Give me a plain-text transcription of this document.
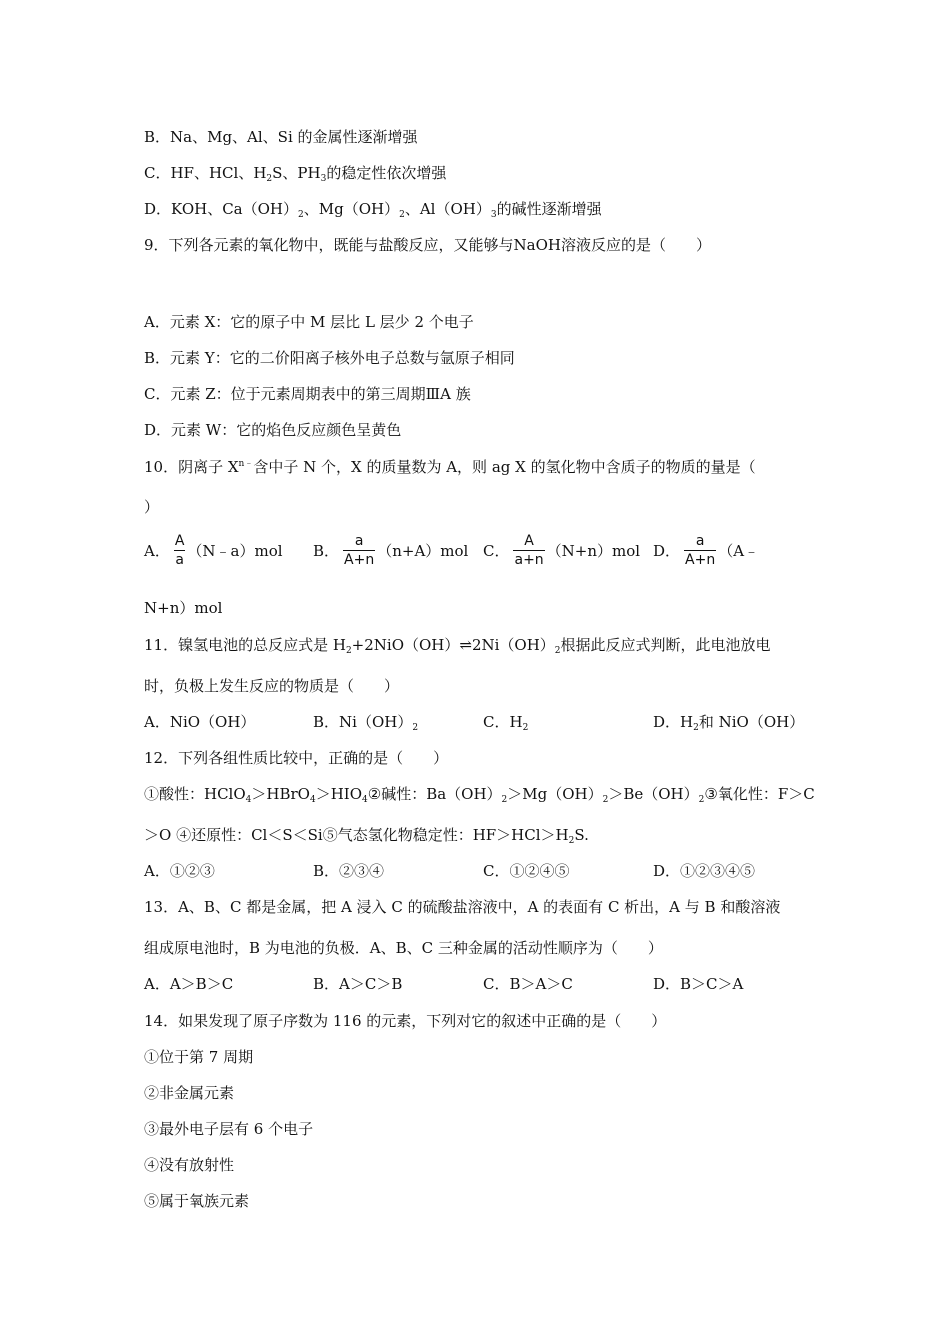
B．Na、Mg、Al、Si 的金属性逐渐增强
C．HF、HCl、$H_2S$、$PH_3$的稳定性依次增强
D．KOH、$Ca(OH)_2$、$Mg(OH)_2$、$Al(OH)_3$的碱性逐渐增强
9．下列各元素的氧化物中，既能与盐酸反应，又能够与NaOH溶液反应的是（　　）
A．元素 X：它的原子中 M 层比 L 层少 2 个电子
B．元素 Y：它的二价阳离子核外电子总数与氩原子相同
C．元素 Z：位于元素周期表中的第三周期ⅢA 族
D．元素 W：它的焰色反应颜色呈黄色
10．阴离子 $X^{n﹣}$含中子 N 个，X 的质量数为 A，则 ag X 的氢化物中含质子的物质的量是（
）
A． $\frac{A}{a}$ （N﹣a）mol B． $\frac{a}{A+n} (n+A)mol$ C． $\frac{A}{a+n} (N+n)mol$ D． $\frac{a}{A+n}$ （A﹣
N+n）mol
11．镍氢电池的总反应式是 $H_2+2NiO(OH)\rightleftharpoons 2Ni(OH)_2$根据此反应式判断，此电池放电
时，负极上发生反应的物质是（　　）
A．NiO（OH）	B．$Ni(OH)_2$	C．$H_2$	D．$H_2$和 NiO（OH）
12．下列各组性质比较中，正确的是（　　）
①酸性：$HClO_4>HBrO_4>HIO_4②$碱性：$Ba(OH)_2>Mg(OH)_2>Be(OH)_2③$氧化性：F＞C
＞O ④还原性：Cl＜S＜Si⑤气态氢化物稳定性：$HF>HCl>H_2S$.
A．①②③	B．②③④	C．①②④⑤	D．①②③④⑤
13．A、B、C 都是金属，把 A 浸入 C 的硫酸盐溶液中，A 的表面有 C 析出，A 与 B 和酸溶液
组成原电池时，B 为电池的负极．A、B、C 三种金属的活动性顺序为（　　）
A．A＞B＞C	B．A＞C＞B	C．B＞A＞C	D．B＞C＞A
14．如果发现了原子序数为 116 的元素，下列对它的叙述中正确的是（　　）
①位于第 7 周期
②非金属元素
③最外电子层有 6 个电子
④没有放射性
⑤属于氧族元素
